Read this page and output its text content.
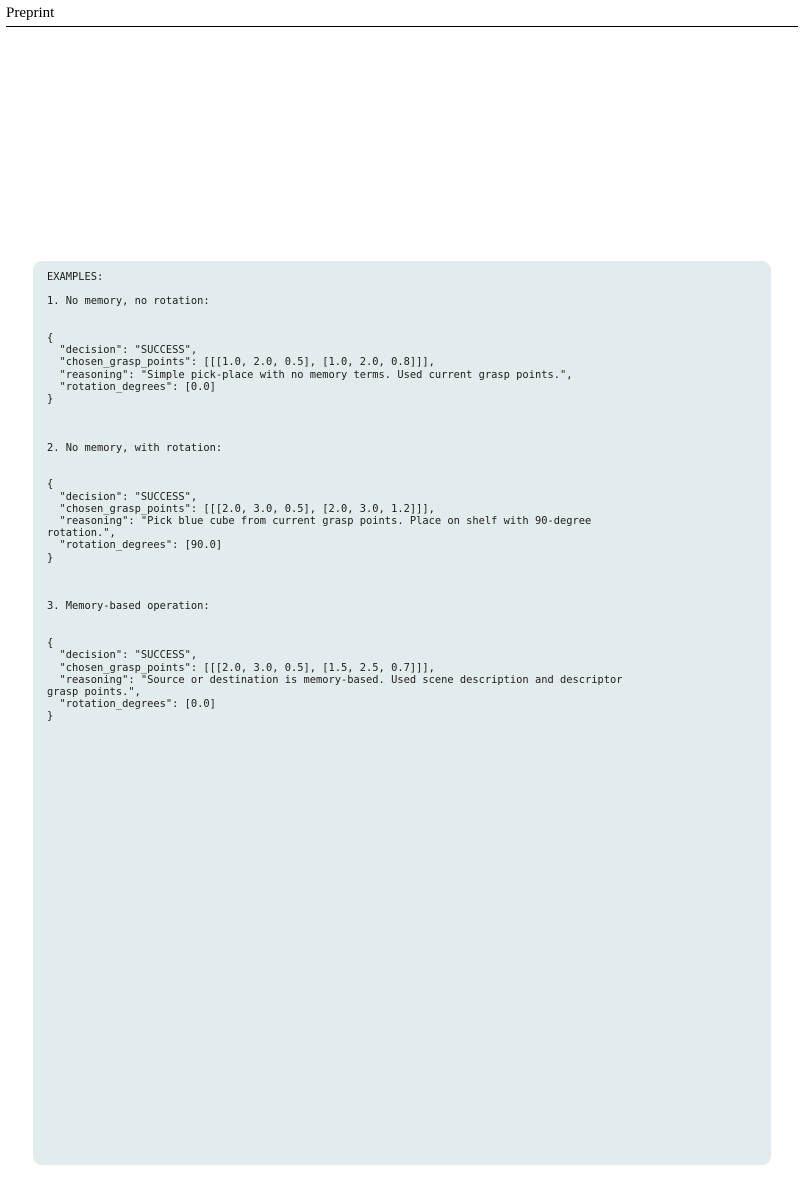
Preprint
EXAMPLES:

1. No memory, no rotation:

{
"decision": "SUCCESS",
"chosen_grasp_points": [[[1.0, 2.0, 0.5], [1.0, 2.0, 0.8]]],
"reasoning": "Simple pick-place with no memory terms. Used current grasp points.",
"rotation_degrees": [0.0]
}

2. No memory, with rotation:

{
"decision": "SUCCESS",
"chosen_grasp_points": [[[2.0, 3.0, 0.5], [2.0, 3.0, 1.2]]],
"reasoning": "Pick blue cube from current grasp points. Place on shelf with 90-degree
rotation.",
"rotation_degrees": [90.0]
}

3. Memory-based operation:

{
"decision": "SUCCESS",
"chosen_grasp_points": [[[2.0, 3.0, 0.5], [1.5, 2.5, 0.7]]],
"reasoning": "Source or destination is memory-based. Used scene description and descriptor
grasp points.",
"rotation_degrees": [0.0]
}
